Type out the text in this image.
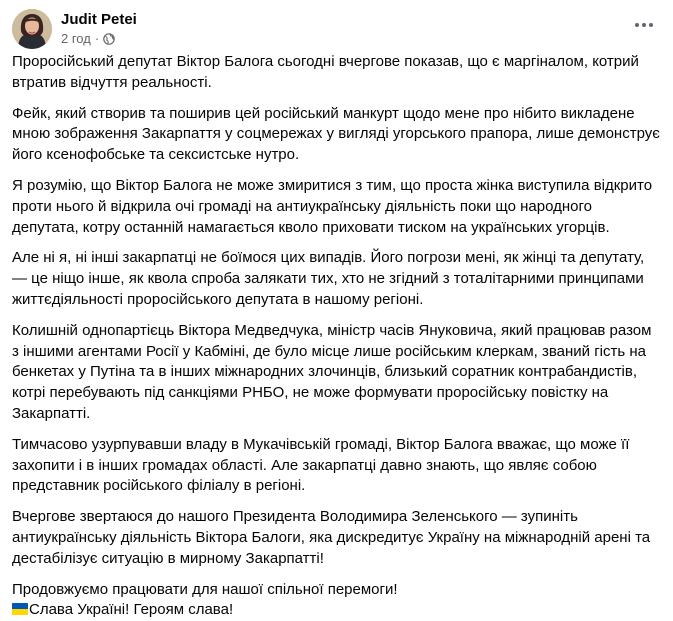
Judit Petei
2 год ·

Проросійський депутат Віктор Балога сьогодні вчергове показав, що є маргіналом, котрий втратив відчуття реальності.

Фейк, який створив та поширив цей російський манкурт щодо мене про нібито викладене мною зображення Закарпаття у соцмережах у вигляді угорського прапора, лише демонструє його ксенофобське та сексистське нутро.

Я розумію, що Віктор Балога не може змиритися з тим, що проста жінка виступила відкрито проти нього й відкрила очі громаді на антиукраїнську діяльність поки що народного депутата, котру останній намагається кволо приховати тиском на українських угорців.

Але ні я, ні інші закарпатці не боїмося цих випадів. Його погрози мені, як жінці та депутату, — це ніщо інше, як квола спроба залякати тих, хто не згідний з тоталітарними принципами життєдіяльності проросійського депутата в нашому регіоні.

Колишній однопартієць Віктора Медведчука, міністр часів Януковича, який працював разом з іншими агентами Росії у Кабміні, де було місце лише російським клеркам, званий гість на бенкетах у Путіна та в інших міжнародних злочинців, близький соратник контрабандистів, котрі перебувають під санкціями РНБО, не може формувати проросійську повістку на Закарпатті.

Тимчасово узурпувавши владу в Мукачівській громаді, Віктор Балога вважає, що може її захопити і в інших громадах області. Але закарпатці давно знають, що являє собою представник російського філіалу в регіоні.

Вчергове звертаюся до нашого Президента Володимира Зеленського — зупиніть антиукраїнську діяльність Віктора Балоги, яка дискредитує Україну на міжнародній арені та дестабілізує ситуацію в мирному Закарпатті!

Продовжуємо працювати для нашої спільної перемоги!
Слава Україні! Героям слава!
